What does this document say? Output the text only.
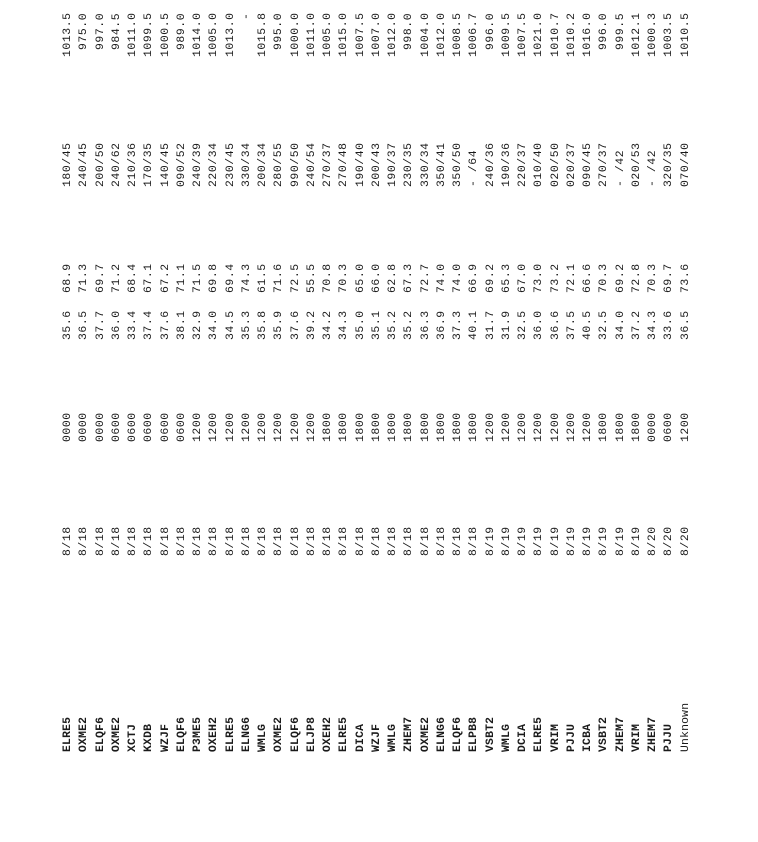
ELRE5
8/18
0000
35.6
68.9
180/45
1013.5
OXME2
8/18
0000
36.5
71.3
240/45
975.0
ELQF6
8/18
0000
37.7
69.7
200/50
997.0
OXME2
8/18
0600
36.0
71.2
240/62
984.5
XCTJ
8/18
0600
33.4
68.4
210/36
1011.0
KXDB
8/18
0600
37.4
67.1
170/35
1099.5
WZJF
8/18
0600
37.6
67.2
140/45
1000.5
ELQF6
8/18
0600
38.1
71.1
090/52
989.0
P3ME5
8/18
1200
32.9
71.5
240/39
1014.0
OXEH2
8/18
1200
34.0
69.8
220/34
1005.0
ELRE5
8/18
1200
34.5
69.4
230/45
1013.0
ELNG6
8/18
1200
35.3
74.3
330/34
-
WMLG
8/18
1200
35.8
61.5
200/34
1015.8
OXME2
8/18
1200
35.9
71.6
280/55
995.0
ELQF6
8/18
1200
37.6
72.5
990/50
1000.0
ELJP8
8/18
1200
39.2
55.5
240/54
1011.0
OXEH2
8/18
1800
34.2
70.8
270/37
1005.0
ELRE5
8/18
1800
34.3
70.3
270/48
1015.0
DICA
8/18
1800
35.0
65.0
190/40
1007.5
WZJF
8/18
1800
35.1
66.0
200/43
1007.0
WMLG
8/18
1800
35.2
62.8
190/37
1012.0
ZHEM7
8/18
1800
35.2
67.3
230/35
998.0
OXME2
8/18
1800
36.3
72.7
330/34
1004.0
ELNG6
8/18
1800
36.9
74.0
350/41
1012.0
ELQF6
8/18
1800
37.3
74.0
350/50
1008.5
ELPB8
8/18
1800
40.1
66.9
- /64
1006.7
VSBT2
8/19
1200
31.7
69.2
240/36
996.0
WMLG
8/19
1200
31.9
65.3
190/36
1009.5
DCIA
8/19
1200
32.5
67.0
220/37
1007.5
ELRE5
8/19
1200
36.0
73.0
010/40
1021.0
VRIM
8/19
1200
36.6
73.2
020/50
1010.7
PJJU
8/19
1200
37.5
72.1
020/37
1010.2
ICBA
8/19
1200
40.5
66.6
090/45
1016.0
VSBT2
8/19
1800
32.5
70.3
270/37
996.0
ZHEM7
8/19
1800
34.0
69.2
- /42
999.5
VRIM
8/19
1800
37.2
72.8
020/53
1012.1
ZHEM7
8/20
0000
34.3
70.3
- /42
1000.3
PJJU
8/20
0600
33.6
69.7
320/35
1003.5
Unknown
8/20
1200
36.5
73.6
070/40
1010.5
